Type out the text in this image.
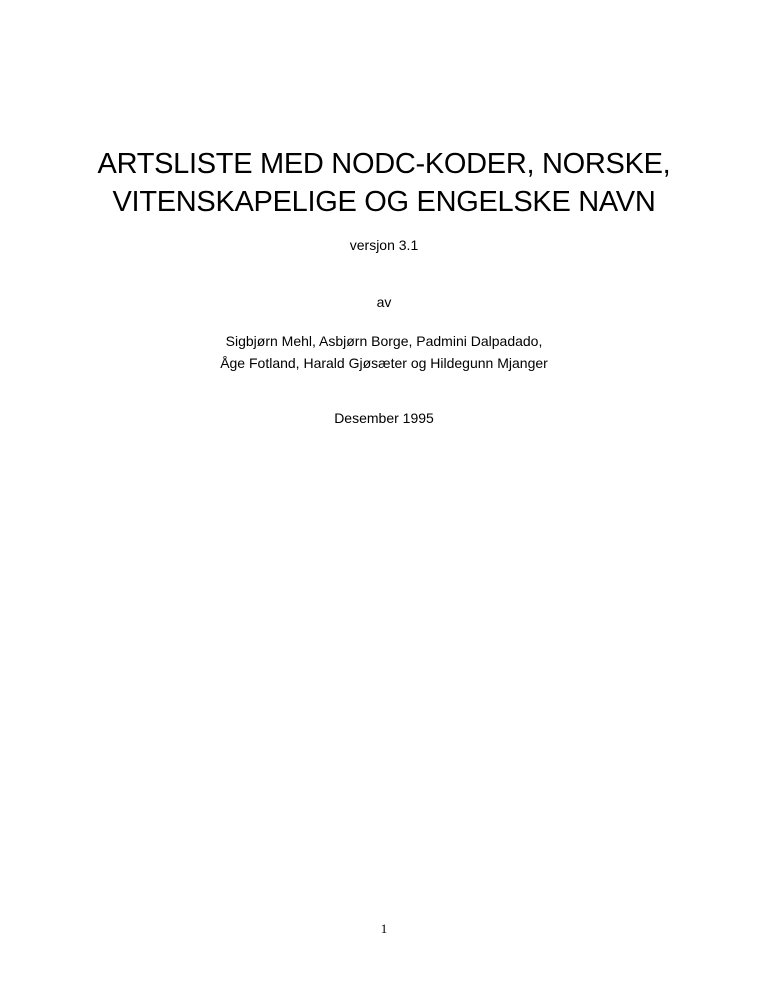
ARTSLISTE MED NODC-KODER, NORSKE,
VITENSKAPELIGE OG ENGELSKE NAVN
versjon 3.1
av
Sigbjørn Mehl, Asbjørn Borge, Padmini Dalpadado,
Åge Fotland, Harald Gjøsæter og Hildegunn Mjanger
Desember 1995
1
